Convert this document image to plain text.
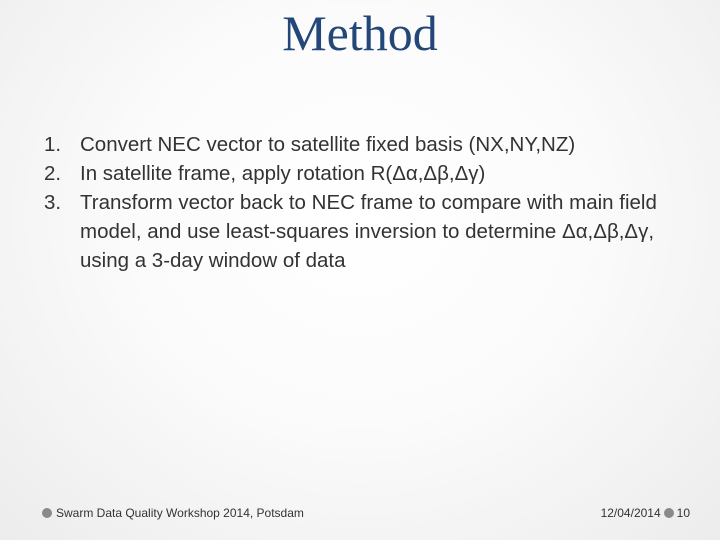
Method
1. Convert NEC vector to satellite fixed basis (NX,NY,NZ)
2. In satellite frame, apply rotation R(Δα,Δβ,Δγ)
3. Transform vector back to NEC frame to compare with main field model, and use least-squares inversion to determine Δα,Δβ,Δγ, using a 3-day window of data
Swarm Data Quality Workshop 2014, Potsdam	12/04/2014 10
